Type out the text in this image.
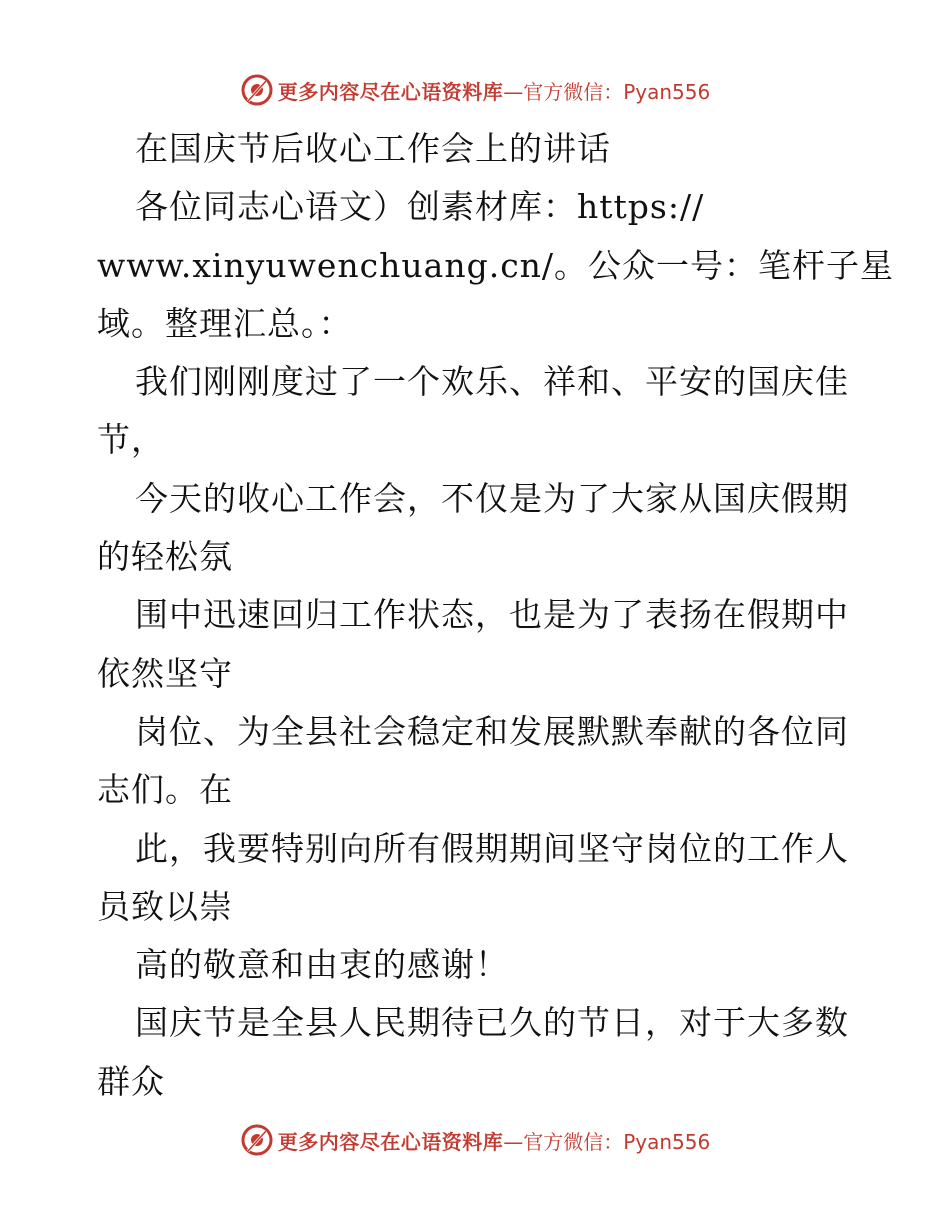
更多内容尽在心语资料库 —官方微信：Pyan556
在国庆节后收心工作会上的讲话
各位同志心语文）创素材库：https://
www.xinyuwenchuang.cn/。公众一号：笔杆子星
域。整理汇总。：
我们刚刚度过了一个欢乐、祥和、平安的国庆佳
节，
今天的收心工作会，不仅是为了大家从国庆假期
的轻松氛
围中迅速回归工作状态，也是为了表扬在假期中
依然坚守
岗位、为全县社会稳定和发展默默奉献的各位同
志们。在
此，我要特别向所有假期期间坚守岗位的工作人
员致以崇
高的敬意和由衷的感谢！
国庆节是全县人民期待已久的节日，对于大多数
群众
更多内容尽在心语资料库 —官方微信：Pyan556
